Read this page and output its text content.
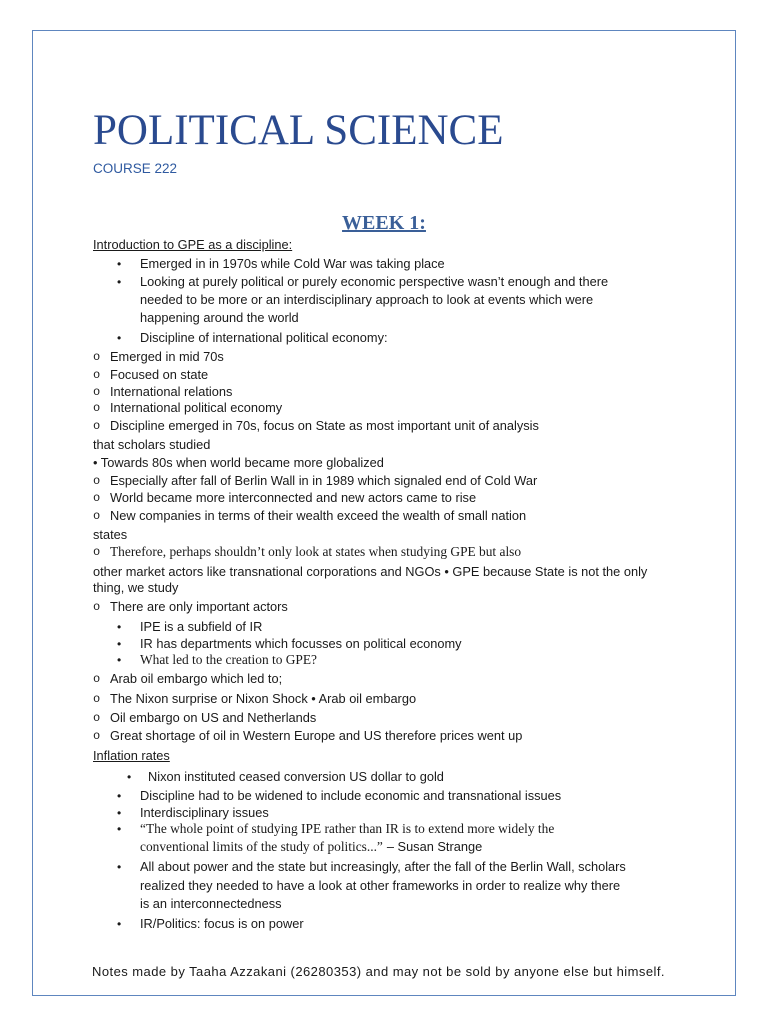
POLITICAL SCIENCE
COURSE 222
WEEK 1:
Introduction to GPE as a discipline:
• Emerged in in 1970s while Cold War was taking place
• Looking at purely political or purely economic perspective wasn’t enough and there
needed to be more or an interdisciplinary approach to look at events which were
happening around the world
• Discipline of international political economy:
o Emerged in mid 70s
o Focused on state
o International relations
o International political economy
o Discipline emerged in 70s, focus on State as most important unit of analysis
that scholars studied
• Towards 80s when world became more globalized
o Especially after fall of Berlin Wall in in 1989 which signaled end of Cold War
o World became more interconnected and new actors came to rise
o New companies in terms of their wealth exceed the wealth of small nation
states
o Therefore, perhaps shouldn’t only look at states when studying GPE but also
other market actors like transnational corporations and NGOs • GPE because State is not the only
thing, we study
o There are only important actors
• IPE is a subfield of IR
• IR has departments which focusses on political economy
• What led to the creation to GPE?
o Arab oil embargo which led to;
o The Nixon surprise or Nixon Shock • Arab oil embargo
o Oil embargo on US and Netherlands
o Great shortage of oil in Western Europe and US therefore prices went up
Inflation rates
• Nixon instituted ceased conversion US dollar to gold
• Discipline had to be widened to include economic and transnational issues
• Interdisciplinary issues
• “The whole point of studying IPE rather than IR is to extend more widely the
conventional limits of the study of politics...” – Susan Strange
• All about power and the state but increasingly, after the fall of the Berlin Wall, scholars
realized they needed to have a look at other frameworks in order to realize why there
is an interconnectedness
• IR/Politics: focus is on power
Notes made by Taaha Azzakani (26280353) and may not be sold by anyone else but himself.
